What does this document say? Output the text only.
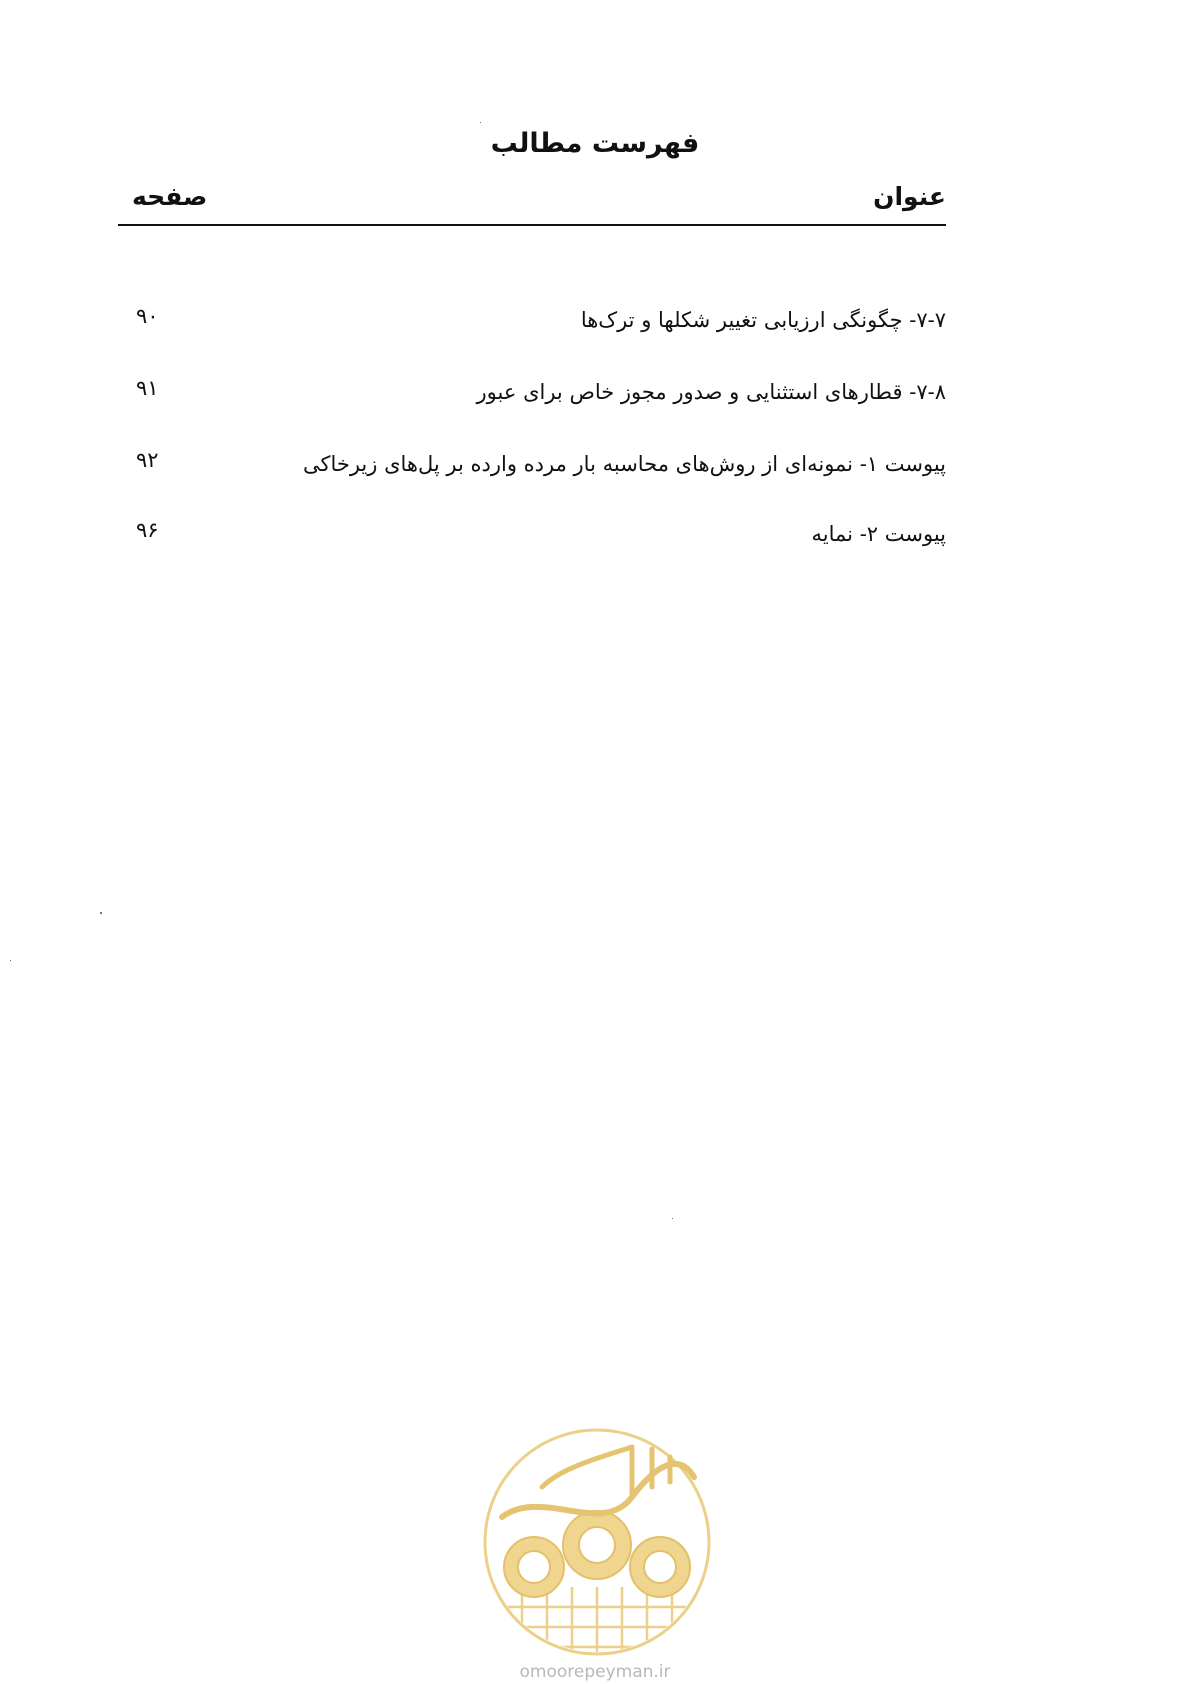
فهرست مطالب
عنوان
صفحه
۷-۷- چگونگی ارزیابی تغییر شکلها و ترک‌ها
۹۰
۷-۸- قطارهای استثنایی و صدور مجوز خاص برای عبور
۹۱
پیوست ۱- نمونه‌ای از روش‌های محاسبه بار مرده وارده بر پل‌های زیرخاکی
۹۲
پیوست ۲- نمایه
۹۶
omoorepeyman.ir
